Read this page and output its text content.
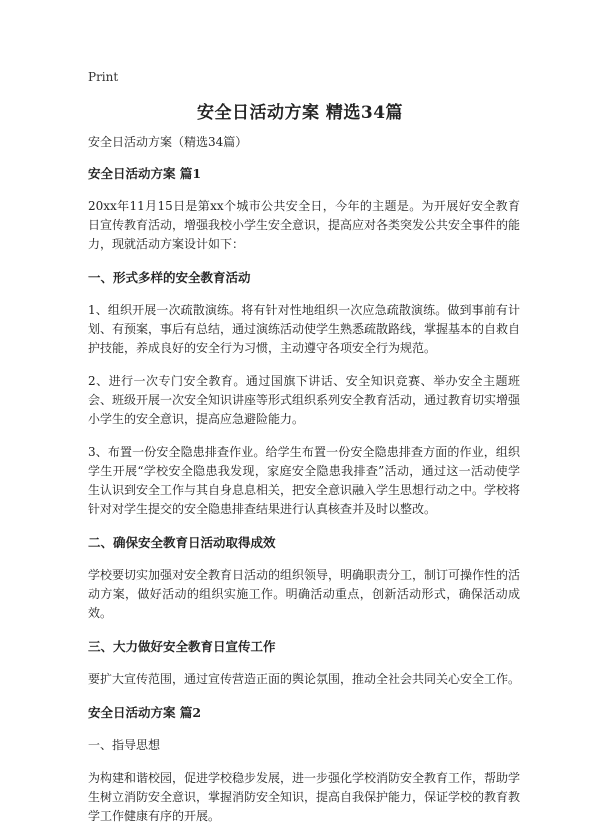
Print
安全日活动方案 精选34篇

安全日活动方案（精选34篇）

安全日活动方案 篇1

20xx年11月15日是第xx个城市公共安全日，今年的主题是。为开展好安全教育日宣传教育活动，增强我校小学生安全意识，提高应对各类突发公共安全事件的能力，现就活动方案设计如下：

一、形式多样的安全教育活动

1、组织开展一次疏散演练。将有针对性地组织一次应急疏散演练。做到事前有计划、有预案，事后有总结，通过演练活动使学生熟悉疏散路线，掌握基本的自救自护技能，养成良好的安全行为习惯，主动遵守各项安全行为规范。

2、进行一次专门安全教育。通过国旗下讲话、安全知识竞赛、举办安全主题班会、班级开展一次安全知识讲座等形式组织系列安全教育活动，通过教育切实增强小学生的安全意识，提高应急避险能力。

3、布置一份安全隐患排查作业。给学生布置一份安全隐患排查方面的作业，组织学生开展“学校安全隐患我发现，家庭安全隐患我排查”活动，通过这一活动使学生认识到安全工作与其自身息息相关，把安全意识融入学生思想行动之中。学校将针对对学生提交的安全隐患排查结果进行认真核查并及时以整改。

二、确保安全教育日活动取得成效

学校要切实加强对安全教育日活动的组织领导，明确职责分工，制订可操作性的活动方案，做好活动的组织实施工作。明确活动重点，创新活动形式，确保活动成效。

三、大力做好安全教育日宣传工作

要扩大宣传范围，通过宣传营造正面的舆论氛围，推动全社会共同关心安全工作。

安全日活动方案 篇2

一、指导思想

为构建和谐校园，促进学校稳步发展，进一步强化学校消防安全教育工作，帮助学生树立消防安全意识，掌握消防安全知识，提高自我保护能力，保证学校的教育教学工作健康有序的开展。
